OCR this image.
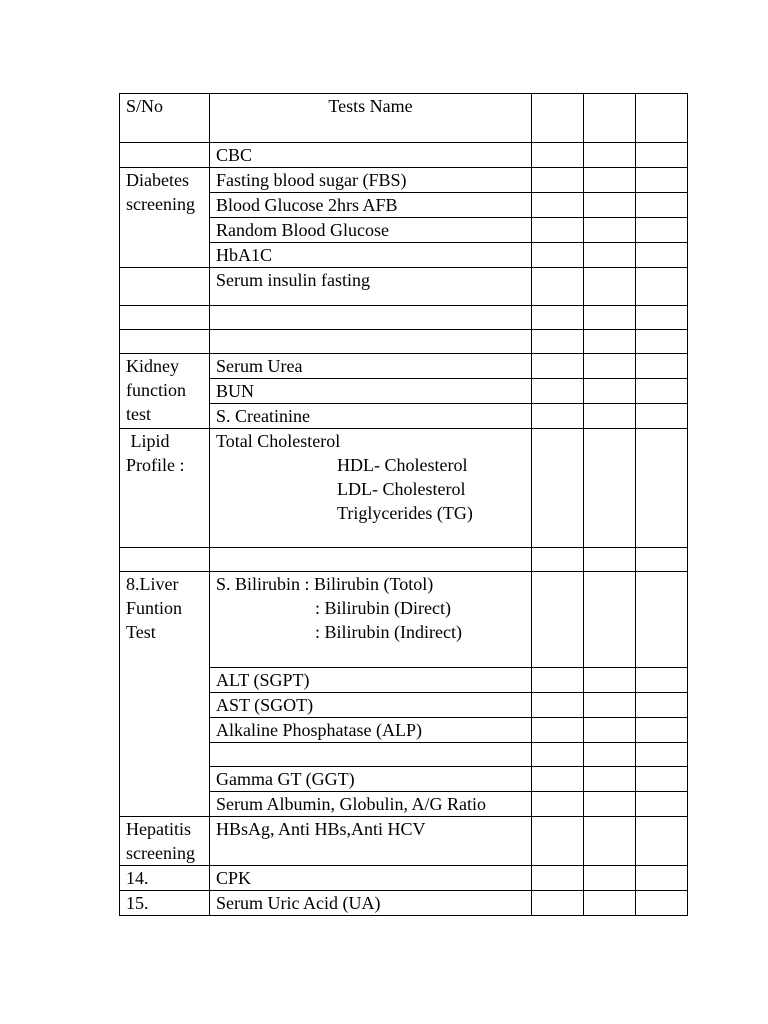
S/No	Tests Name			
	CBC			

Diabetes
screening	Fasting blood sugar (FBS)			
	Blood Glucose 2hrs AFB			
	Random Blood Glucose			
	HbA1C			
	Serum insulin fasting			

Kidney
function
test	Serum Urea			
	BUN			
	S. Creatinine			

Lipid
Profile :	Total Cholesterol
HDL- Cholesterol
LDL- Cholesterol
Triglycerides (TG)			

8.Liver
Funtion
Test	S. Bilirubin : Bilirubin (Totol)
: Bilirubin (Direct)
: Bilirubin (Indirect)			

	ALT (SGPT)			
	AST (SGOT)			
	Alkaline Phosphatase (ALP)			

	Gamma GT (GGT)			
	Serum Albumin, Globulin, A/G Ratio			

Hepatitis
screening	HBsAg, Anti HBs,Anti HCV			
14.	CPK			
15.	Serum Uric Acid (UA)			
